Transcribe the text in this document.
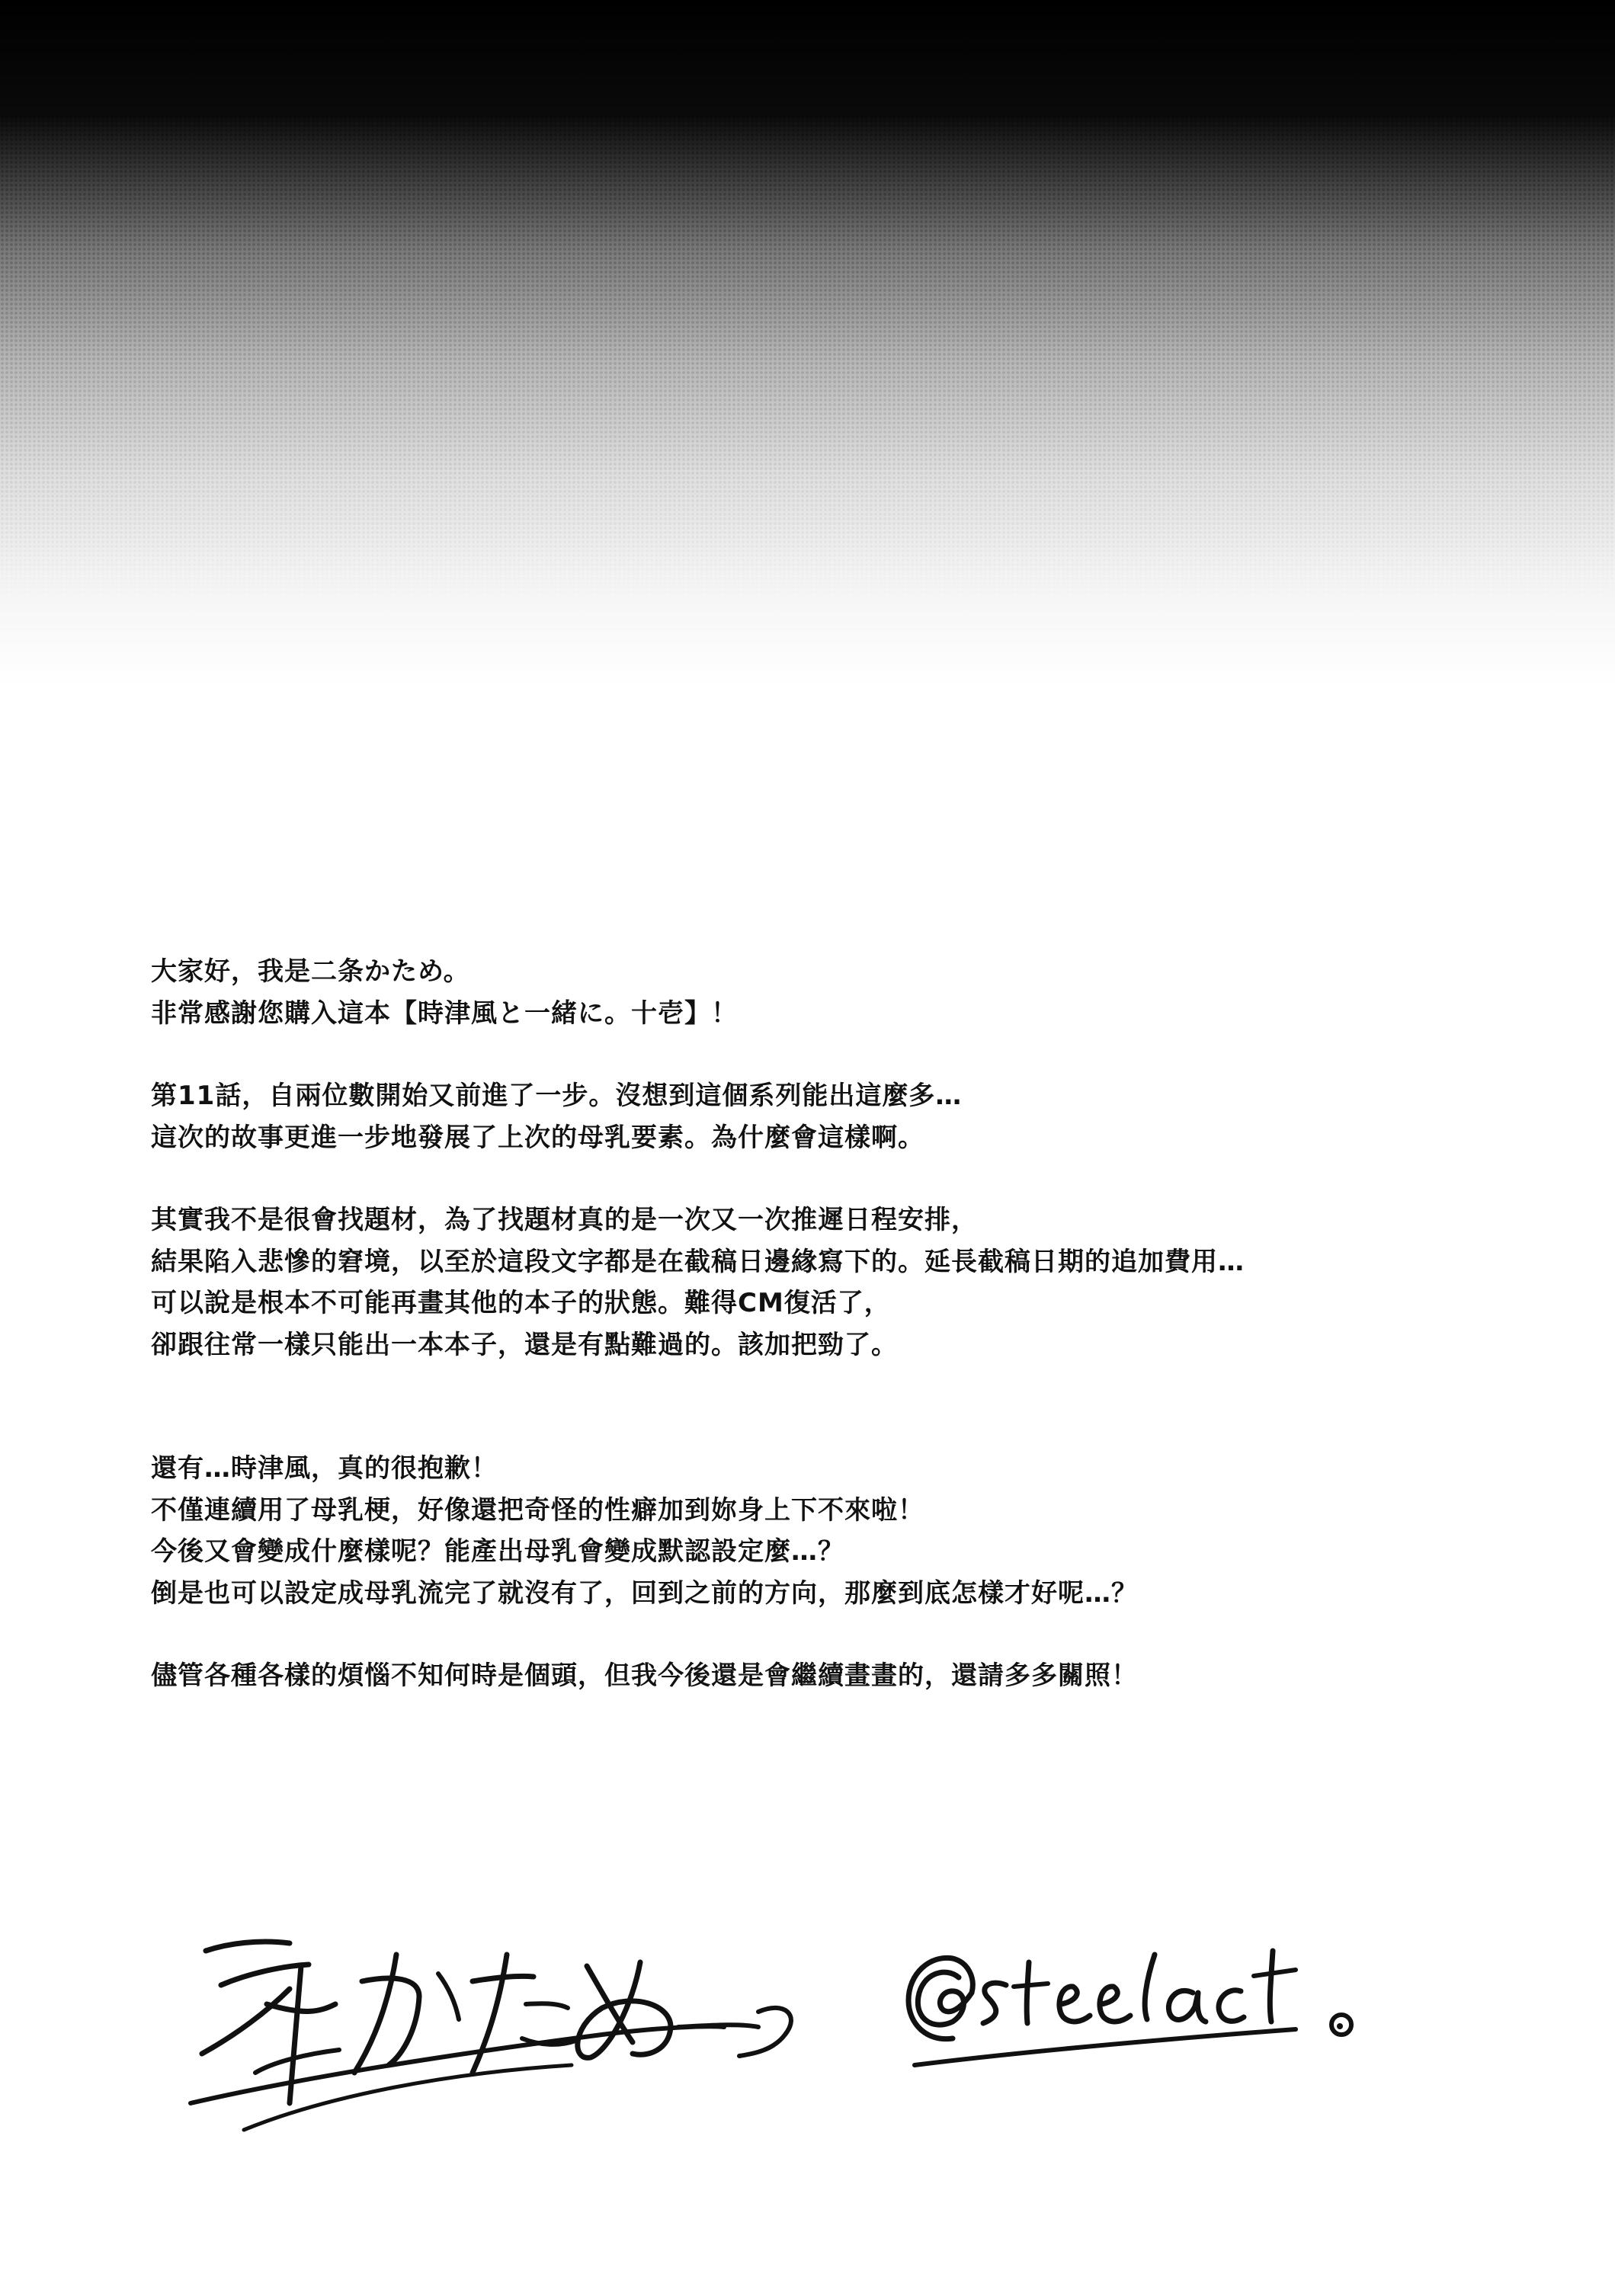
大家好，我是二条かため。

非常感謝您購入這本【時津風と一緒に。十壱】！

第11話，自兩位數開始又前進了一步。沒想到這個系列能出這麼多…

這次的故事更進一步地發展了上次的母乳要素。為什麼會這樣啊。

其實我不是很會找題材，為了找題材真的是一次又一次推遲日程安排，

結果陷入悲慘的窘境，以至於這段文字都是在截稿日邊緣寫下的。延長截稿日期的追加費用…

可以說是根本不可能再畫其他的本子的狀態。難得CM復活了，

卻跟往常一樣只能出一本本子，還是有點難過的。該加把勁了。

還有…時津風，真的很抱歉！

不僅連續用了母乳梗，好像還把奇怪的性癖加到妳身上下不來啦！

今後又會變成什麼樣呢？能產出母乳會變成默認設定麼…？

倒是也可以設定成母乳流完了就沒有了，回到之前的方向，那麼到底怎樣才好呢…？

儘管各種各樣的煩惱不知何時是個頭，但我今後還是會繼續畫畫的，還請多多關照！
